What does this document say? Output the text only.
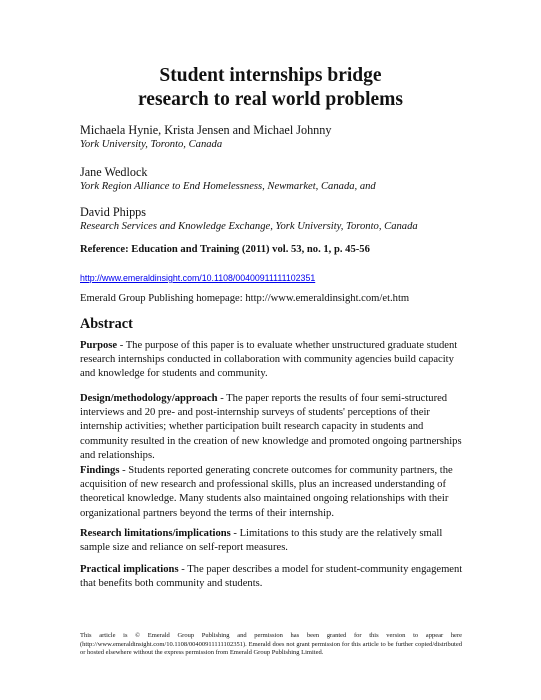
Student internships bridge
research to real world problems
Michaela Hynie, Krista Jensen and Michael Johnny
York University, Toronto, Canada
Jane Wedlock
York Region Alliance to End Homelessness, Newmarket, Canada, and
David Phipps
Research Services and Knowledge Exchange, York University, Toronto, Canada
Reference: Education and Training (2011) vol. 53, no. 1, p. 45-56
http://www.emeraldinsight.com/10.1108/00400911111102351
Emerald Group Publishing homepage: http://www.emeraldinsight.com/et.htm
Abstract
Purpose - The purpose of this paper is to evaluate whether unstructured graduate student research internships conducted in collaboration with community agencies build capacity and knowledge for students and community.
Design/methodology/approach - The paper reports the results of four semi-structured interviews and 20 pre- and post-internship surveys of students' perceptions of their internship activities; whether participation built research capacity in students and community resulted in the creation of new knowledge and promoted ongoing partnerships and relationships.
Findings - Students reported generating concrete outcomes for community partners, the acquisition of new research and professional skills, plus an increased understanding of theoretical knowledge. Many students also maintained ongoing relationships with their organizational partners beyond the terms of their internship.
Research limitations/implications - Limitations to this study are the relatively small sample size and reliance on self-report measures.
Practical implications - The paper describes a model for student-community engagement that benefits both community and students.
This article is © Emerald Group Publishing and permission has been granted for this version to appear here (http://www.emeraldinsight.com/10.1108/00400911111102351). Emerald does not grant permission for this article to be further copied/distributed or hosted elsewhere without the express permission from Emerald Group Publishing Limited.
